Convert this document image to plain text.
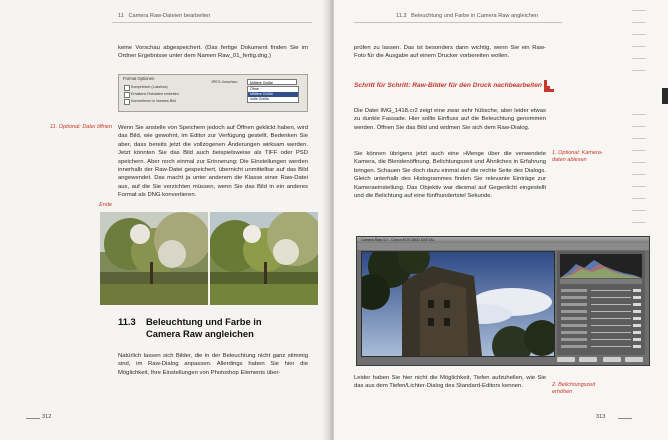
11 Camera Raw-Dateien bearbeiten
keine Vorschau abgespeichert. (Das fertige Dokument finden Sie im Ordner Ergebnisse unter dem Namen Raw_01_fertig.dng.)
Format Optionen
Komprimiert (Lossless)
Erhaltene Rohdaten einbetten
Konvertieren in lineares Bild
JPEG-Vorschau:	Mittlere Größe
Ohne
Mittlere Größe
Volle Größe
11. Optional: Datei öffnen Wenn Sie anstelle von Speichern jedoch auf Öffnen geklickt haben, wird das Bild, wie gewohnt, im Editor zur Verfügung gestellt. Bedenken Sie aber, dass bereits jetzt die vollzogenen Änderungen wirksam werden. Jetzt könnten Sie das Bild auch beispielsweise als TIFF oder PSD speichern. Aber noch einmal zur Erinnerung: Die Einstellungen werden innerhalb der Raw-Datei gespeichert, übernicht unmittelbar auf das Bild angewendet. Das macht ja unter anderem die Klasse einer Raw-Datei aus, auf die Sie verzichten müssen, wenn Sie das Bild in ein anderes Format als DNG konvertieren.
Ende
11.3	Beleuchtung und Farbe in Camera Raw angleichen
Natürlich lassen sich Bilder, die in der Beleuchtung nicht ganz stimmig sind, im Raw-Dialog anpassen. Allerdings haben Sie hier die Möglichkeit, Ihre Einstellungen von Photoshop Elements über-
312
11.3 Beleuchtung und Farbe in Camera Raw angleichen
prüfen zu lassen. Das ist besonders dann wichtig, wenn Sie ein Raw-Foto für die Ausgabe auf einem Drucker vorbereiten wollen.
Schritt für Schritt: Raw-Bilder für den Druck nachbearbeiten
Die Datei IMG_1418.cr2 zeigt eine zwar sehr hübsche, aber leider etwas zu dunkle Fassade. Hier sollte Einfluss auf die Beleuchtung genommen werden. Öffnen Sie das Bild und widmen Sie sich dem Raw-Dialog.
Sie können übrigens jetzt auch eine »Menge über die verwendete Kamera, die Blendenöffnung, Belichtungszeit und Ähnliches in Erfahrung bringen. Schauen Sie doch dazu einmal auf die rechte Seite des Dialogs. Gleich unterhalb des Histogrammes finden Sie relevante Einträge zur Kameraeinstellung. Das Objektiv war diesmal auf Gegenlicht eingestellt und die Belichtung auf eine fünfhundertstel Sekunde.
1. Optional: Kameradaten ablesen
Camera Raw 4.2 - Canon EOS 350D DIGITAL
Leider haben Sie hier nicht die Möglichkeit, Tiefen aufzuhellen, wie Sie das aus dem Tiefen/Lichter-Dialog des Standard-Editors kennen.	2. Belichtungszeit erhöhen
313
